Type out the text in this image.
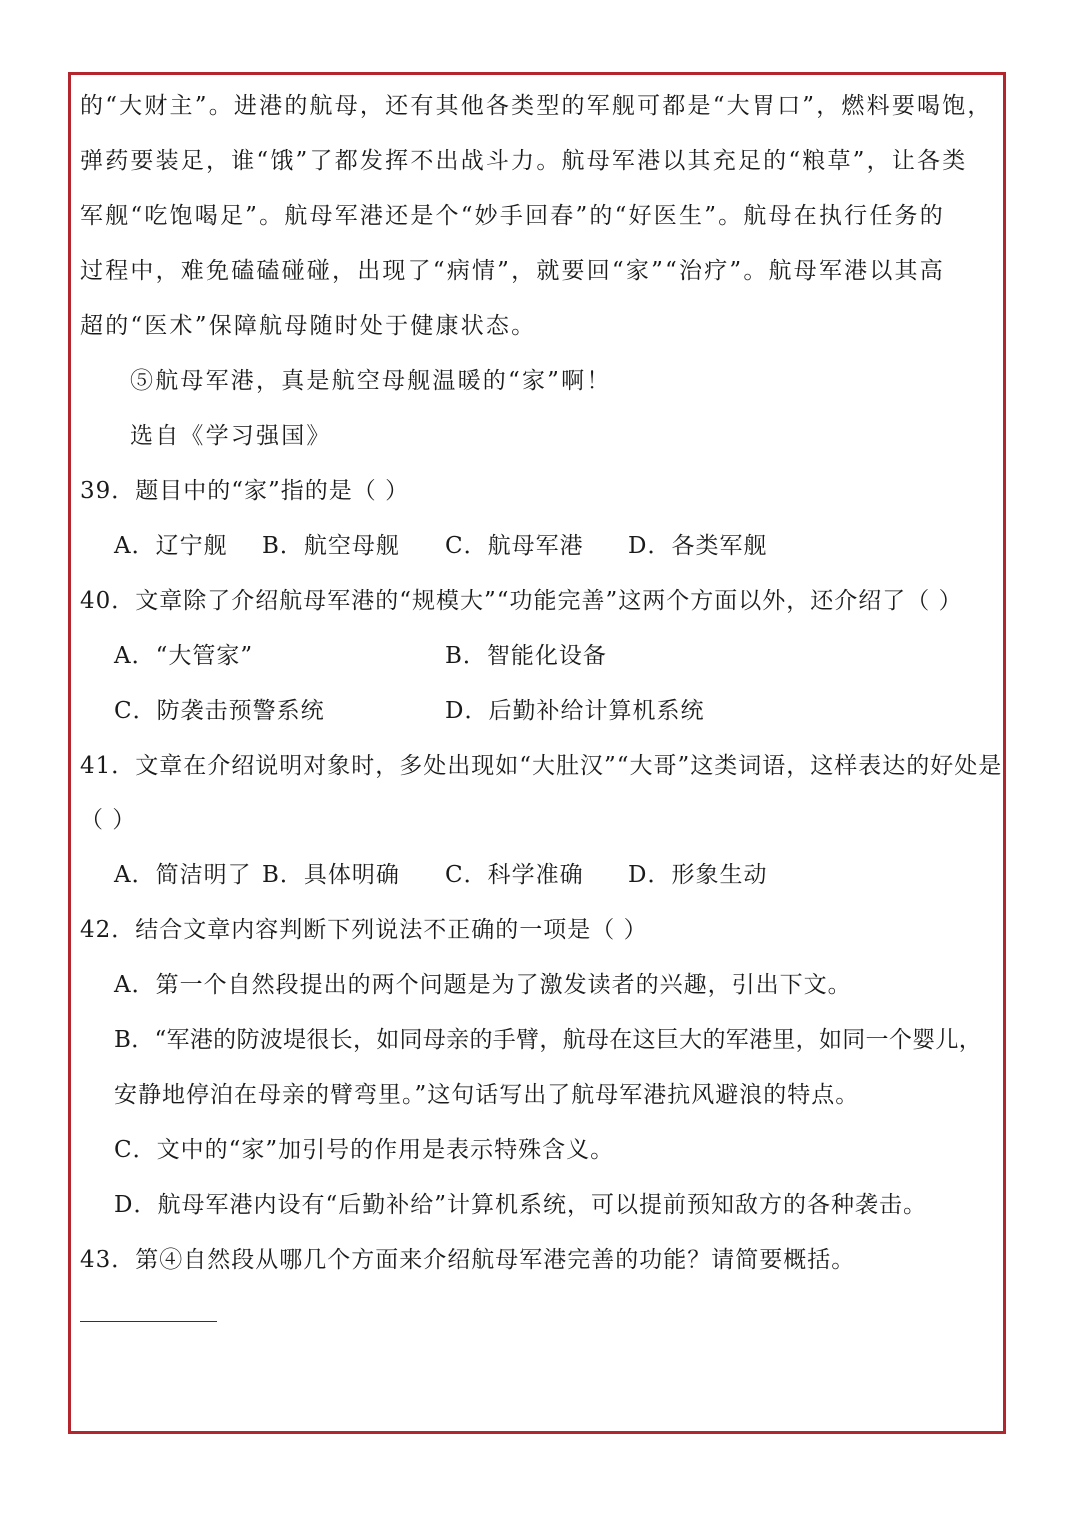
的“大财主”。进港的航母，还有其他各类型的军舰可都是“大胃口”，燃料要喝饱，
弹药要装足，谁“饿”了都发挥不出战斗力。航母军港以其充足的“粮草”，让各类
军舰“吃饱喝足”。航母军港还是个“妙手回春”的“好医生”。航母在执行任务的
过程中，难免磕磕碰碰，出现了“病情”，就要回“家”“治疗”。航母军港以其高
超的“医术”保障航母随时处于健康状态。
⑤航母军港，真是航空母舰温暖的“家”啊！
选自《学习强国》
39．题目中的“家”指的是（ ）
A．辽宁舰 B．航空母舰 C．航母军港 D．各类军舰
40．文章除了介绍航母军港的“规模大”“功能完善”这两个方面以外，还介绍了（ ）
A．“大管家”	B．智能化设备
C．防袭击预警系统	D．后勤补给计算机系统
41．文章在介绍说明对象时，多处出现如“大肚汉”“大哥”这类词语，这样表达的好处是
（ ）
A．简洁明了 B．具体明确 C．科学准确 D．形象生动
42．结合文章内容判断下列说法不正确的一项是（ ）
A．第一个自然段提出的两个问题是为了激发读者的兴趣，引出下文。
B．“军港的防波堤很长，如同母亲的手臂，航母在这巨大的军港里，如同一个婴儿，
安静地停泊在母亲的臂弯里。”这句话写出了航母军港抗风避浪的特点。
C．文中的“家”加引号的作用是表示特殊含义。
D．航母军港内设有“后勤补给”计算机系统，可以提前预知敌方的各种袭击。
43．第④自然段从哪几个方面来介绍航母军港完善的功能？请简要概括。
